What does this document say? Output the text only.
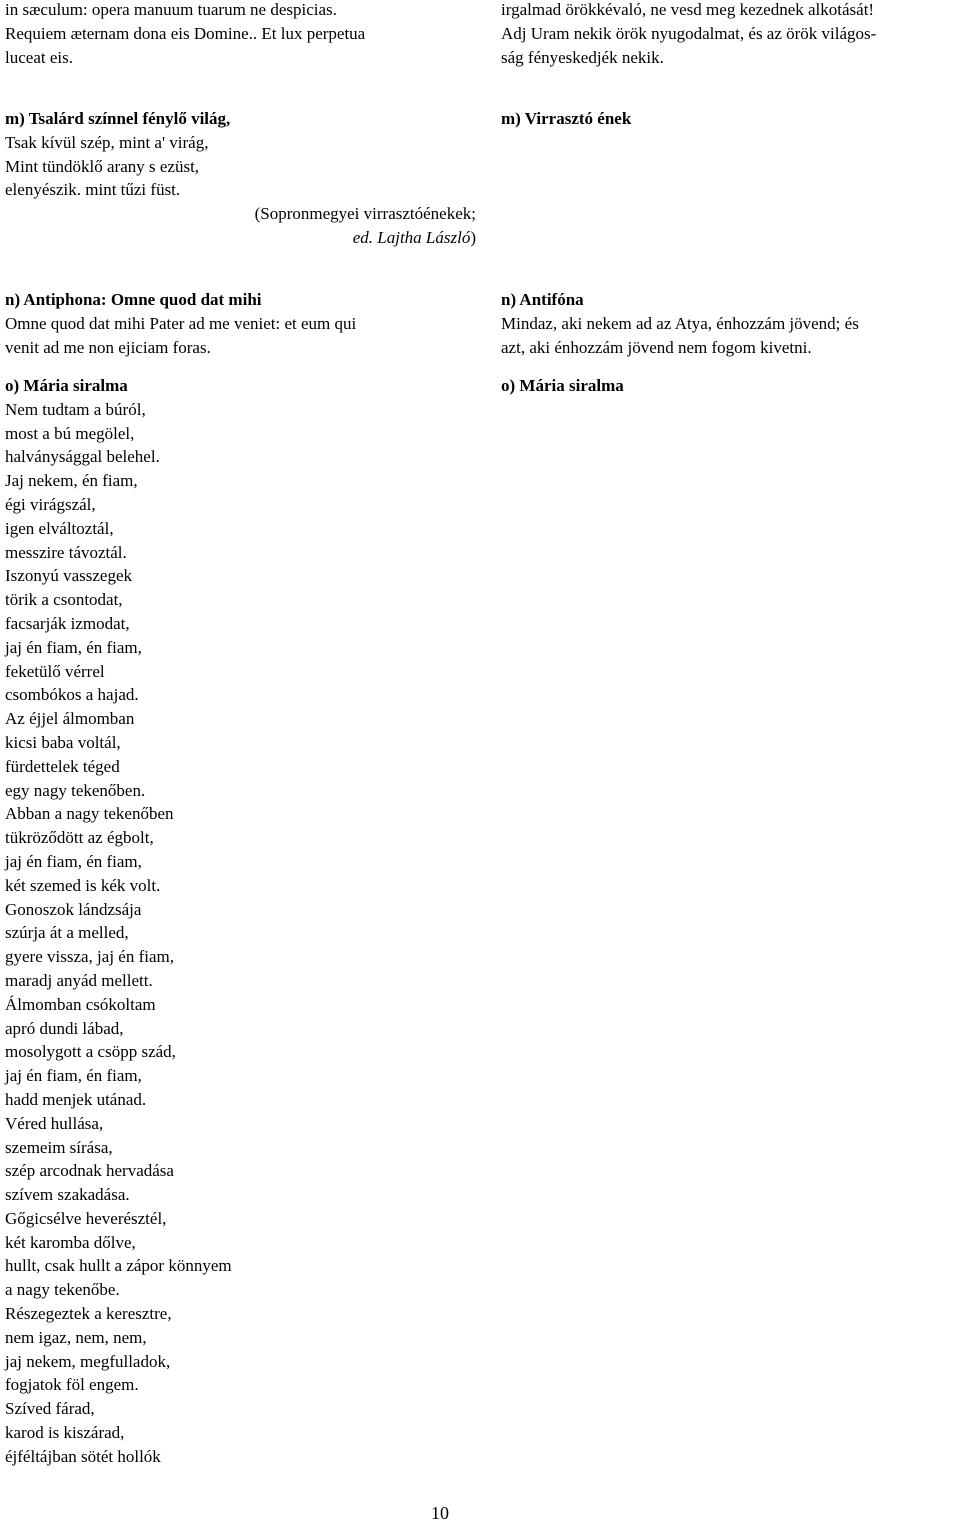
in sæculum: opera manuum tuarum ne despicias.
Requiem æternam dona eis Domine.. Et lux perpetua
luceat eis.
m) Tsalárd színnel fénylő világ,
Tsak kívül szép, mint a' virág,
Mint tündöklő arany s ezüst,
elenyészik. mint tűzi füst.
(Sopronmegyei virrasztóénekek;
ed. Lajtha László)
n) Antiphona: Omne quod dat mihi
Omne quod dat mihi Pater ad me veniet: et eum qui
venit ad me non ejiciam foras.
o) Mária siralma
Nem tudtam a búról,
most a bú megölel,
halványsággal belehel.
Jaj nekem, én fiam,
égi virágszál,
igen elváltoztál,
messzire távoztál.
Iszonyú vasszegek
törik a csontodat,
facsarják izmodat,
jaj én fiam, én fiam,
feketülő vérrel
csombókos a hajad.
Az éjjel álmomban
kicsi baba voltál,
fürdettelek téged
egy nagy tekenőben.
Abban a nagy tekenőben
tükröződött az égbolt,
jaj én fiam, én fiam,
két szemed is kék volt.
Gonoszok lándzsája
szúrja át a melled,
gyere vissza, jaj én fiam,
maradj anyád mellett.
Álmomban csókoltam
apró dundi lábad,
mosolygott a csöpp szád,
jaj én fiam, én fiam,
hadd menjek utánad.
Véred hullása,
szemeim sírása,
szép arcodnak hervadása
szívem szakadása.
Gőgicsélve heverésztél,
két karomba dőlve,
hullt, csak hullt a zápor könnyem
a nagy tekenőbe.
Részegeztek a keresztre,
nem igaz, nem, nem,
jaj nekem, megfulladok,
fogjatok föl engem.
Szíved fárad,
karod is kiszárad,
éjféltájban sötét hollók
irgalmad örökkévaló, ne vesd meg kezednek alkotását!
Adj Uram nekik örök nyugodalmat, és az örök világos-
ság fényeskedjék nekik.
m) Virrasztó ének
n) Antifóna
Mindaz, aki nekem ad az Atya, énhozzám jövend; és
azt, aki énhozzám jövend nem fogom kivetni.
o) Mária siralma
10
